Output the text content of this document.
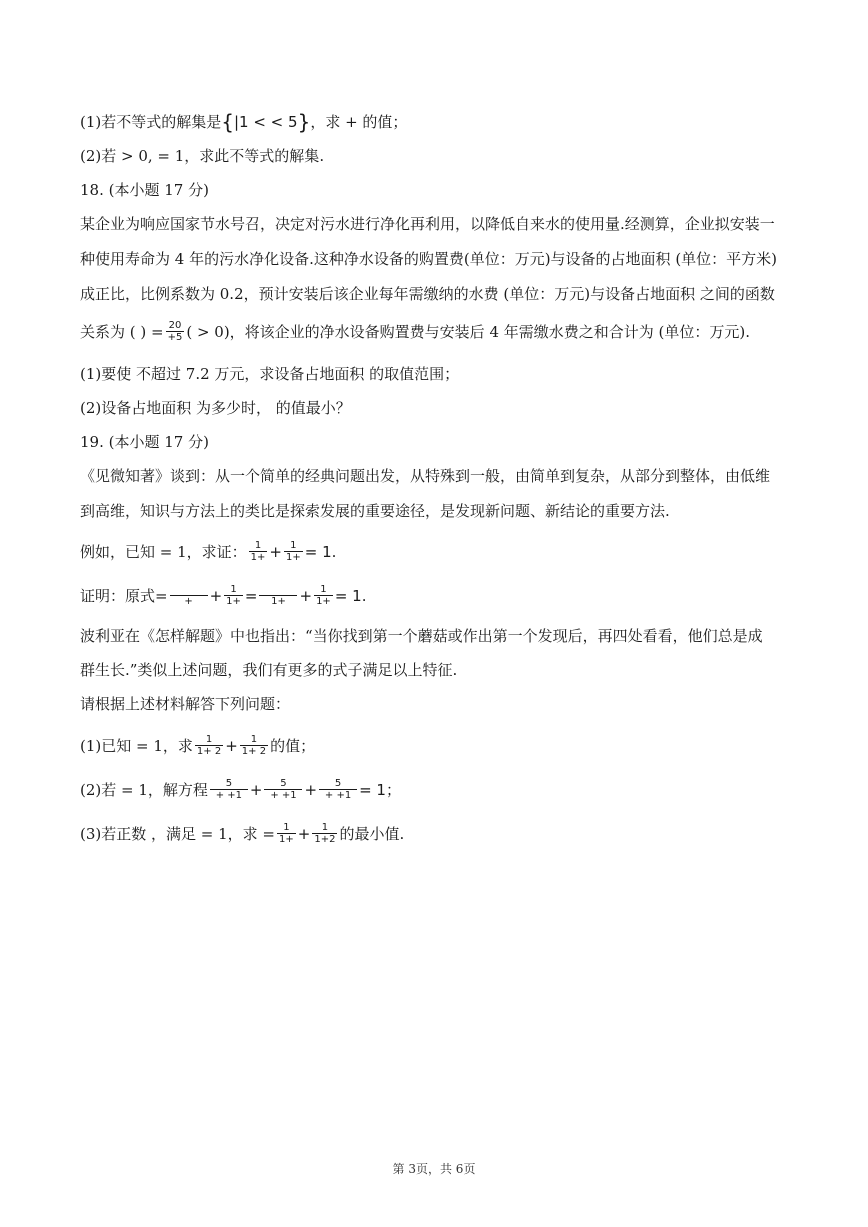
(1)若不等式的解集是 { |1 < < 5 } ，求 + 的值；
(2)若 > 0, = 1，求此不等式的解集.
18. (本小题 17 分)
某企业为响应国家节水号召，决定对污水进行净化再利用，以降低自来水的使用量.经测算，企业拟安装一
种使用寿命为 4 年的污水净化设备.这种净水设备的购置费(单位：万元)与设备的占地面积 (单位：平方米)
成正比，比例系数为 0.2，预计安装后该企业每年需缴纳的水费 (单位：万元)与设备占地面积 之间的函数
关系为 ( ) = $\frac{20}{+5}$ ( > 0)，将该企业的净水设备购置费与安装后 4 年需缴水费之和合计为 (单位：万元).
(1)要使 不超过 7.2 万元，求设备占地面积 的取值范围；
(2)设备占地面积 为多少时， 的值最小？
19. (本小题 17 分)
《见微知著》谈到：从一个简单的经典问题出发，从特殊到一般，由简单到复杂，从部分到整体，由低维
到高维，知识与方法上的类比是探索发展的重要途径，是发现新问题、新结论的重要方法.
例如，已知 = 1，求证： $\frac{1}{1+} + \frac{1}{1+} = 1$.
证明：原式=
	+	+ $\frac{1}{1+}$ =
	$1+ + \frac{1}{1+} = 1$.
波利亚在《怎样解题》中也指出：“当你找到第一个蘑菇或作出第一个发现后，再四处看看，他们总是成
群生长.”类似上述问题，我们有更多的式子满足以上特征.
请根据上述材料解答下列问题：
(1)已知 = 1，求 $\frac{1}{1+ 2} + \frac{1}{1+ 2}$ 的值；
(2)若 = 1，解方程 $\frac{5}{+ +1} + \frac{5}{+ +1} + \frac{5}{+ +1} = 1$；
(3)若正数 ，满足 = 1，求 = $\frac{1}{1+} + \frac{1}{1+2}$ 的最小值.
第 3页，共 6页
